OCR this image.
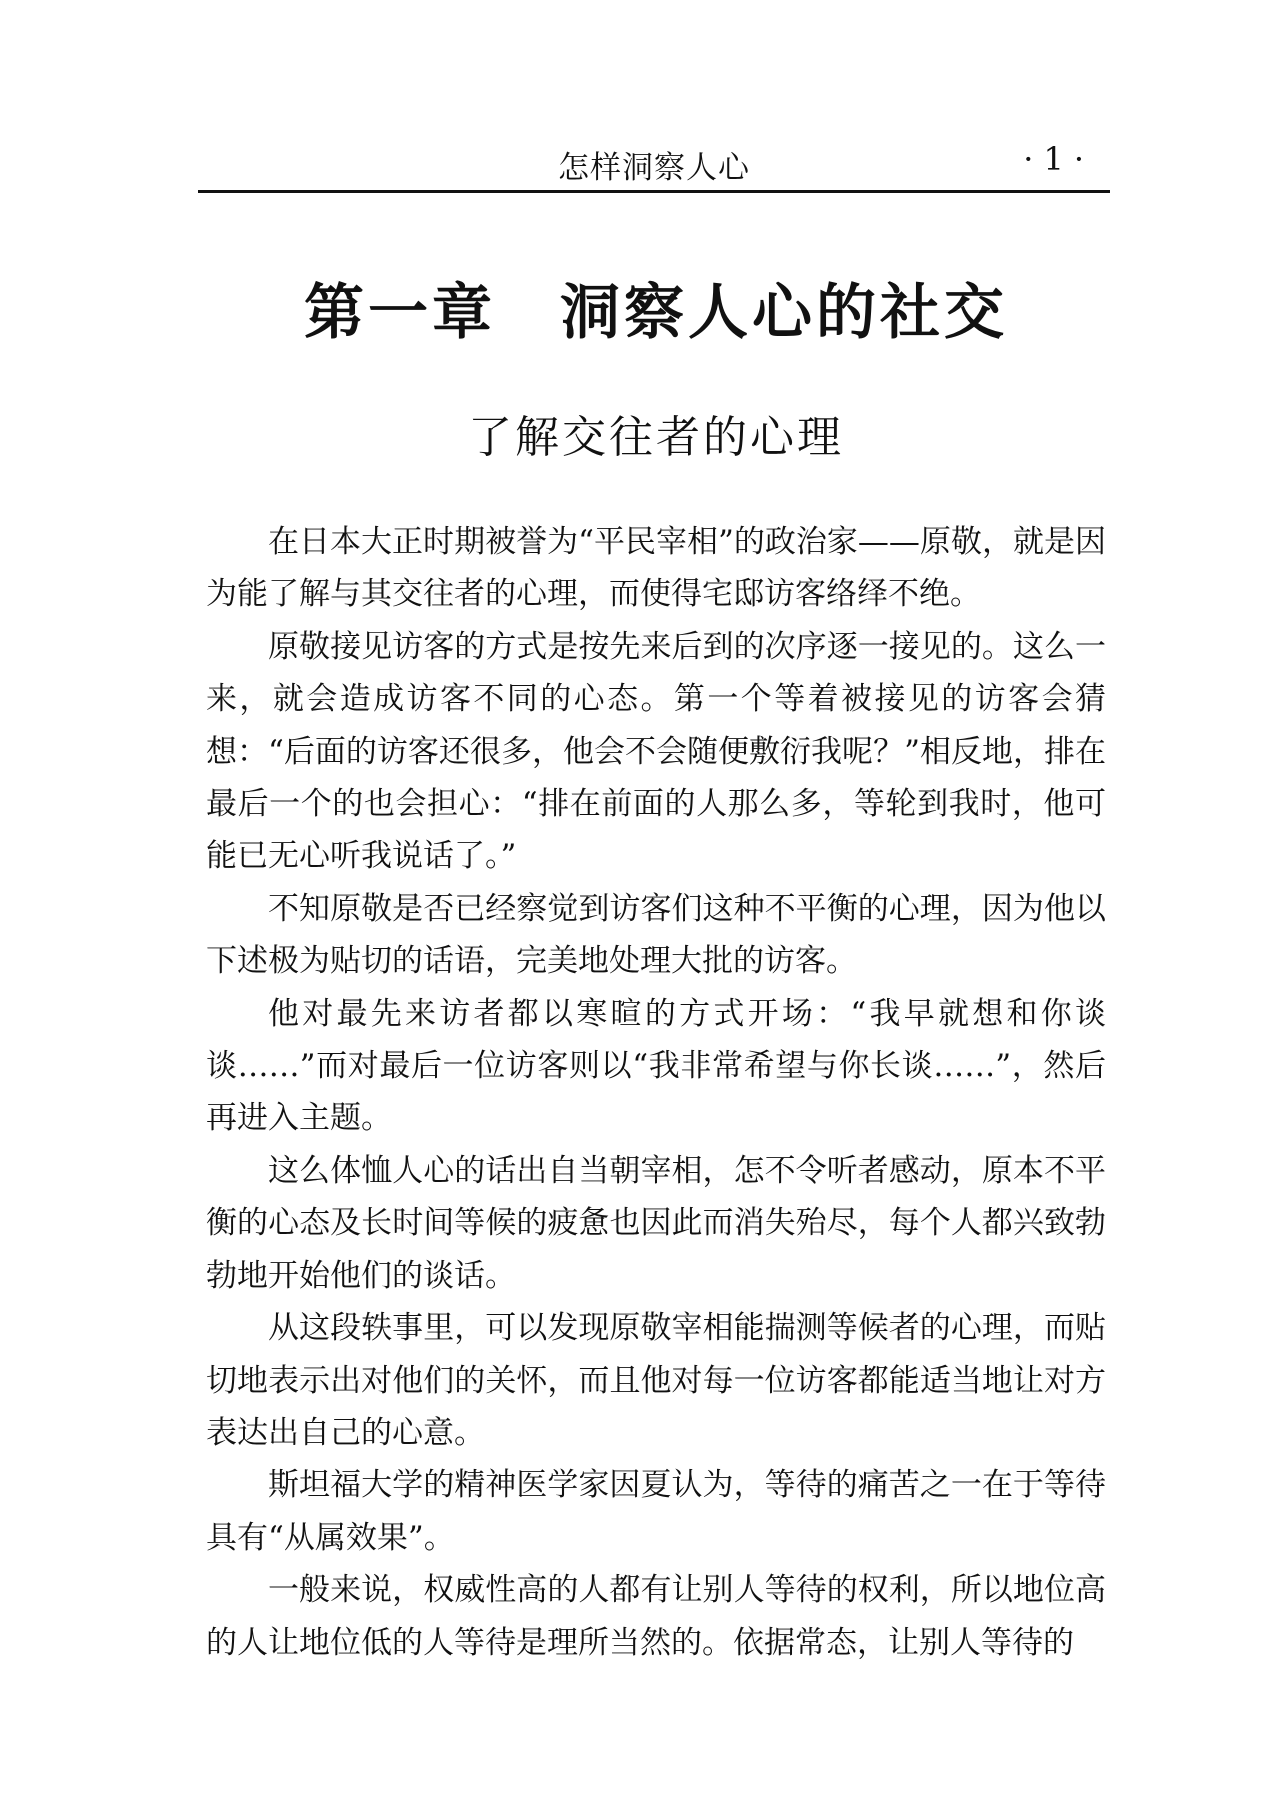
怎样洞察人心	·1·
第一章　洞察人心的社交
了解交往者的心理

在日本大正时期被誉为“平民宰相”的政治家——原敬，就是因为能了解与其交往者的心理，而使得宅邸访客络绎不绝。

原敬接见访客的方式是按先来后到的次序逐一接见的。这么一来，就会造成访客不同的心态。第一个等着被接见的访客会猜想：“后面的访客还很多，他会不会随便敷衍我呢？”相反地，排在最后一个的也会担心：“排在前面的人那么多，等轮到我时，他可能已无心听我说话了。”

不知原敬是否已经察觉到访客们这种不平衡的心理，因为他以下述极为贴切的话语，完美地处理大批的访客。

他对最先来访者都以寒暄的方式开场：“我早就想和你谈谈……”而对最后一位访客则以“我非常希望与你长谈……”，然后再进入主题。

这么体恤人心的话出自当朝宰相，怎不令听者感动，原本不平衡的心态及长时间等候的疲惫也因此而消失殆尽，每个人都兴致勃勃地开始他们的谈话。

从这段轶事里，可以发现原敬宰相能揣测等候者的心理，而贴切地表示出对他们的关怀，而且他对每一位访客都能适当地让对方表达出自己的心意。

斯坦福大学的精神医学家因夏认为，等待的痛苦之一在于等待具有“从属效果”。

一般来说，权威性高的人都有让别人等待的权利，所以地位高的人让地位低的人等待是理所当然的。依据常态，让别人等待的
